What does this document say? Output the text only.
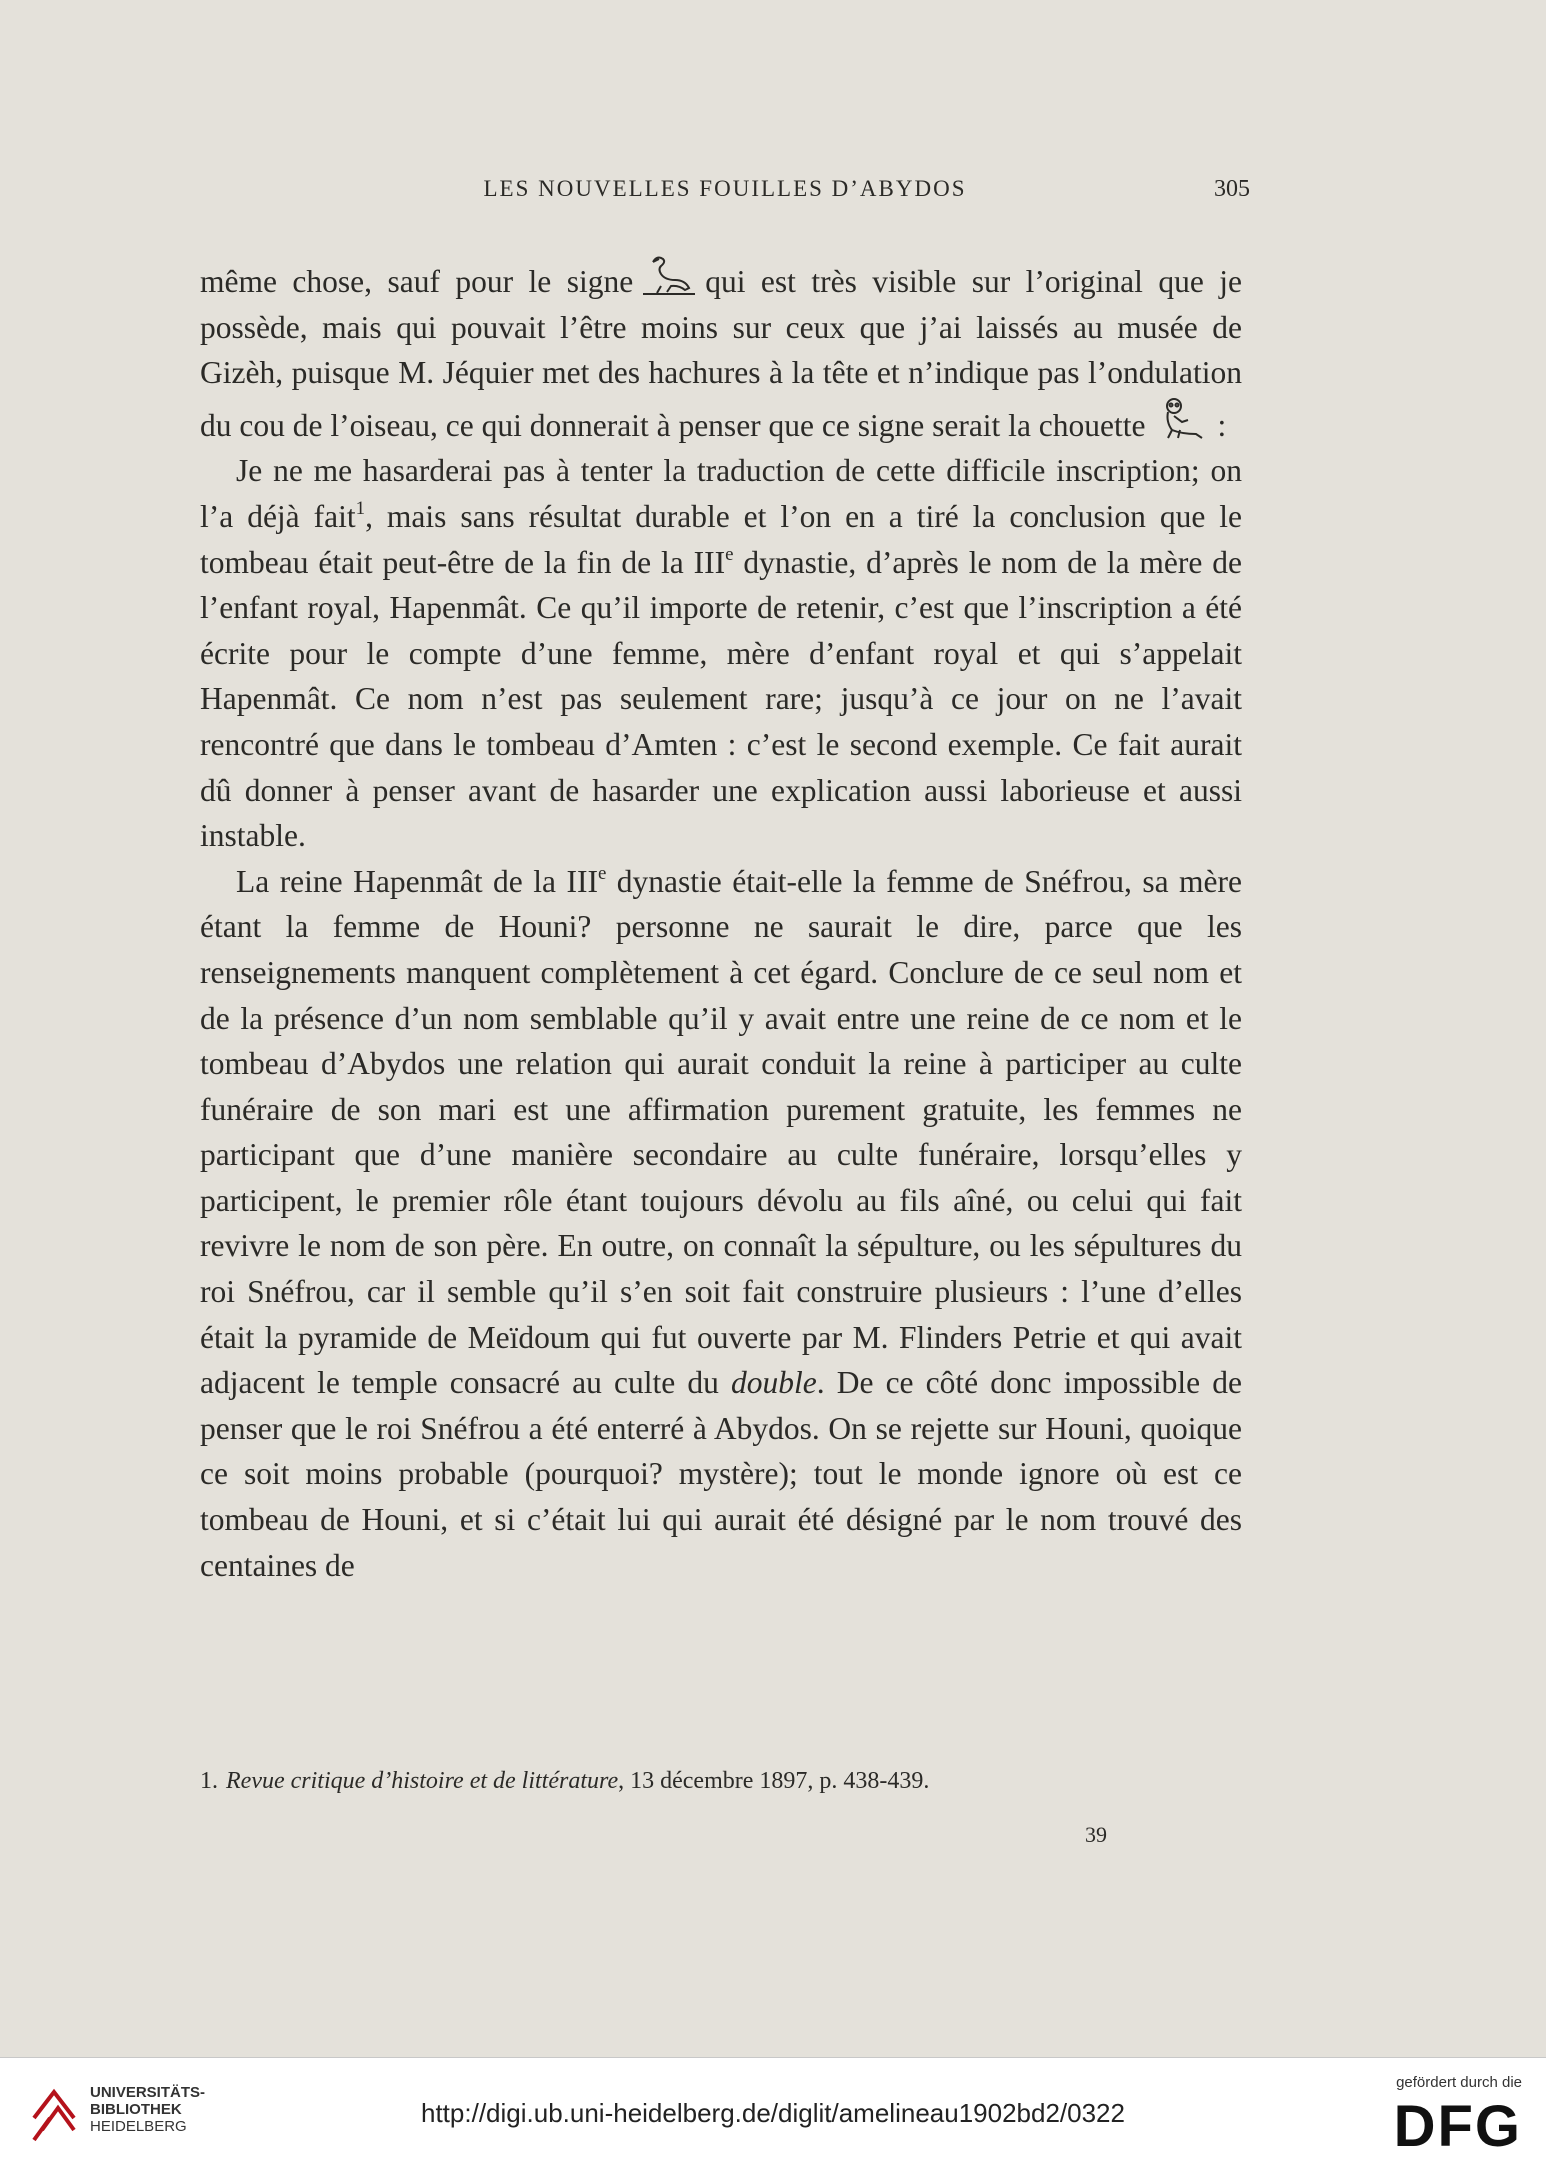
LES NOUVELLES FOUILLES D’ABYDOS	305

même chose, sauf pour le signe qui est très visible sur l’original que je possède, mais qui pouvait l’être moins sur ceux que j’ai laissés au musée de Gizèh, puisque M. Jéquier met des hachures à la tête et n’indique pas l’ondulation du cou de l’oiseau, ce qui donnerait à penser que ce signe serait la chouette :

Je ne me hasarderai pas à tenter la traduction de cette difficile inscription; on l’a déjà fait$^1$, mais sans résultat durable et l’on en a tiré la conclusion que le tombeau était peut-être de la fin de la IIIe dynastie, d’après le nom de la mère de l’enfant royal, Hapenmât. Ce qu’il importe de retenir, c’est que l’inscription a été écrite pour le compte d’une femme, mère d’enfant royal et qui s’appelait Hapenmât. Ce nom n’est pas seulement rare; jusqu’à ce jour on ne l’avait rencontré que dans le tombeau d’Amten : c’est le second exemple. Ce fait aurait dû donner à penser avant de hasarder une explication aussi laborieuse et aussi instable.

La reine Hapenmât de la IIIe dynastie était-elle la femme de Snéfrou, sa mère étant la femme de Houni? personne ne saurait le dire, parce que les renseignements manquent complètement à cet égard. Conclure de ce seul nom et de la présence d’un nom semblable qu’il y avait entre une reine de ce nom et le tombeau d’Abydos une relation qui aurait conduit la reine à participer au culte funéraire de son mari est une affirmation purement gratuite, les femmes ne participant que d’une manière secondaire au culte funéraire, lorsqu’elles y participent, le premier rôle étant toujours dévolu au fils aîné, ou celui qui fait revivre le nom de son père. En outre, on connaît la sépulture, ou les sépultures du roi Snéfrou, car il semble qu’il s’en soit fait construire plusieurs : l’une d’elles était la pyramide de Meïdoum qui fut ouverte par M. Flinders Petrie et qui avait adjacent le temple consacré au culte du double. De ce côté donc impossible de penser que le roi Snéfrou a été enterré à Abydos. On se rejette sur Houni, quoique ce soit moins probable (pourquoi? mystère); tout le monde ignore où est ce tombeau de Houni, et si c’était lui qui aurait été désigné par le nom trouvé des centaines de

1. Revue critique d’histoire et de littérature, 13 décembre 1897, p. 438-439.
39
UNIVERSITÄTS-
BIBLIOTHEK
HEIDELBERG	http://digi.ub.uni-heidelberg.de/diglit/amelineau1902bd2/0322
gefördert durch die
DFG
